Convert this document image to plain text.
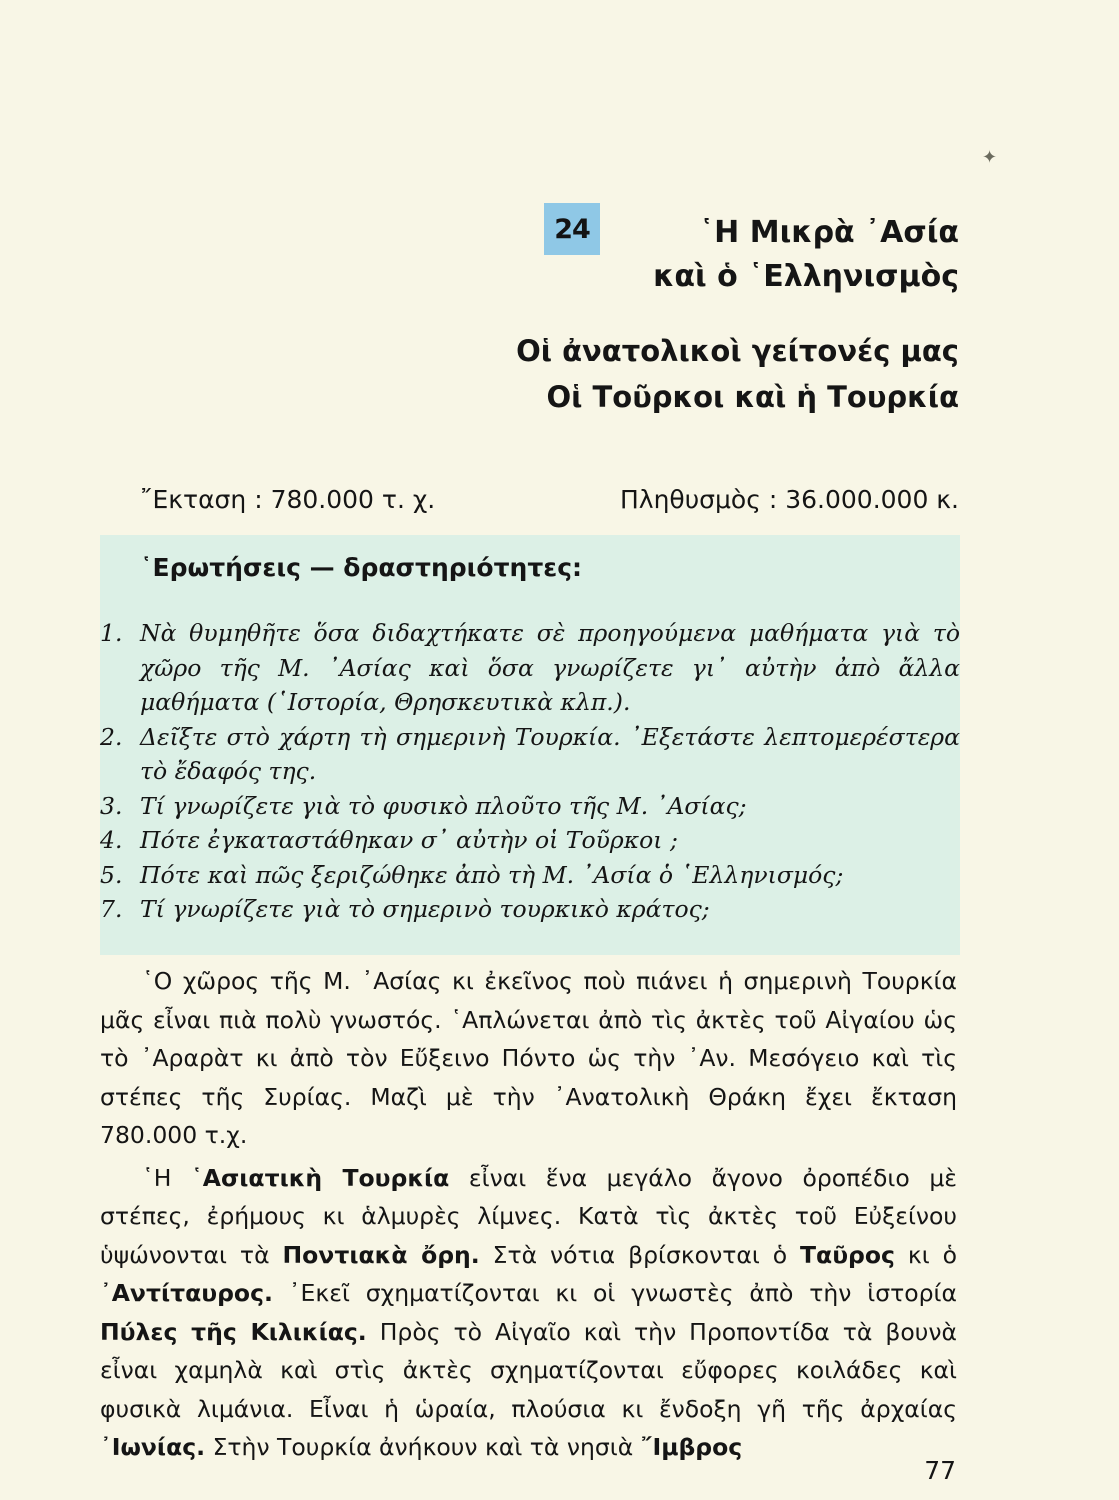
✦
24	῾Η Μικρὰ ᾿Ασία
καὶ ὁ ῾Ελληνισμὸς
Οἱ ἀνατολικοὶ γείτονές μας
Οἱ Τοῦρκοι καὶ ἡ Τουρκία
῎Εκταση : 780.000 τ. χ.	Πληθυσμὸς : 36.000.000 κ.
῾Ερωτήσεις — δραστηριότητες:
1. Νὰ θυμηθῆτε ὅσα διδαχτήκατε σὲ προηγούμενα μαθήματα γιὰ τὸ χῶρο τῆς Μ. ᾿Ασίας καὶ ὅσα γνωρίζετε γι᾿ αὐτὴν ἀπὸ ἄλλα μαθήματα (῾Ιστορία, Θρησκευτικὰ κλπ.).
2. Δεῖξτε στὸ χάρτη τὴ σημερινὴ Τουρκία. ᾿Εξετάστε λεπτομερέστερα τὸ ἔδαφός της.
3. Τί γνωρίζετε γιὰ τὸ φυσικὸ πλοῦτο τῆς Μ. ᾿Ασίας;
4. Πότε ἐγκαταστάθηκαν σ᾿ αὐτὴν οἱ Τοῦρκοι ;
5. Πότε καὶ πῶς ξεριζώθηκε ἀπὸ τὴ Μ. ᾿Ασία ὁ ῾Ελληνισμός;
7. Τί γνωρίζετε γιὰ τὸ σημερινὸ τουρκικὸ κράτος;

῾Ο χῶρος τῆς Μ. ᾿Ασίας κι ἐκεῖνος ποὺ πιάνει ἡ σημερινὴ Τουρκία μᾶς εἶναι πιὰ πολὺ γνωστός. ῾Απλώνεται ἀπὸ τὶς ἀκτὲς τοῦ Αἰγαίου ὡς τὸ ᾿Αραρὰτ κι ἀπὸ τὸν Εὔξεινο Πόντο ὡς τὴν ᾿Αν. Μεσόγειο καὶ τὶς στέπες τῆς Συρίας. Μαζὶ μὲ τὴν ᾿Ανατολικὴ Θράκη ἔχει ἔκταση 780.000 τ.χ.

῾Η ῾Ασιατικὴ Τουρκία εἶναι ἕνα μεγάλο ἄγονο ὀροπέδιο μὲ στέπες, ἐρήμους κι ἁλμυρὲς λίμνες. Κατὰ τὶς ἀκτὲς τοῦ Εὐξείνου ὑψώνονται τὰ Ποντιακὰ ὄρη. Στὰ νότια βρίσκονται ὁ Ταῦρος κι ὁ ᾿Αντίταυρος. ᾿Εκεῖ σχηματίζονται κι οἱ γνωστὲς ἀπὸ τὴν ἱστορία Πύλες τῆς Κιλικίας. Πρὸς τὸ Αἰγαῖο καὶ τὴν Προποντίδα τὰ βουνὰ εἶναι χαμηλὰ καὶ στὶς ἀκτὲς σχηματίζονται εὔφορες κοιλάδες καὶ φυσικὰ λιμάνια. Εἶναι ἡ ὡραία, πλούσια κι ἔνδοξη γῆ τῆς ἀρχαίας ᾿Ιωνίας. Στὴν Τουρκία ἀνήκουν καὶ τὰ νησιὰ ῎Ιμβρος

77
